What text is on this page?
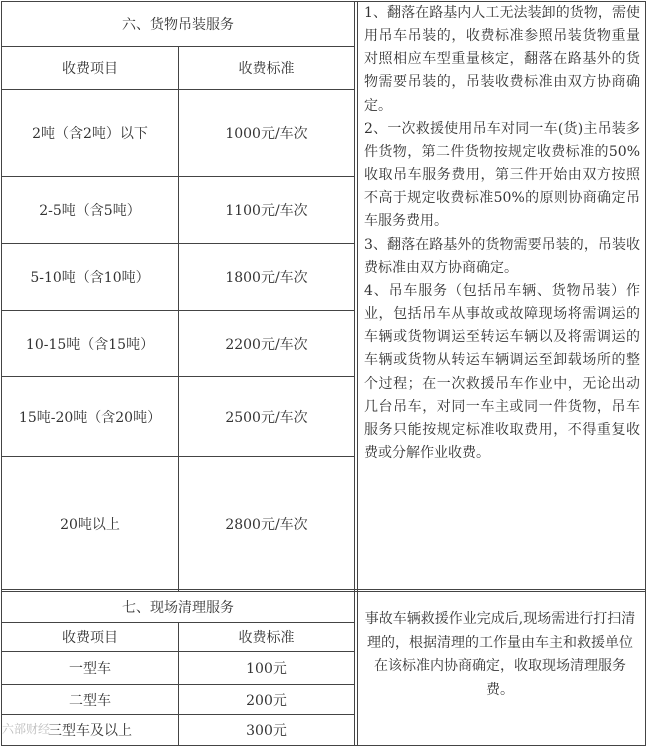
六、货物吊装服务
收费项目	收费标准
2吨（含2吨）以下	1000元/车次
2-5吨（含5吨）	1100元/车次
5-10吨（含10吨）	1800元/车次
10-15吨（含15吨）	2200元/车次
15吨-20吨（含20吨）	2500元/车次
20吨以上	2800元/车次

1、翻落在路基内人工无法装卸的货物，需使用吊车吊装的，收费标准参照吊装货物重量对照相应车型重量核定，翻落在路基外的货物需要吊装的，吊装收费标准由双方协商确定。

2、一次救援使用吊车对同一车(货)主吊装多件货物，第二件货物按规定收费标准的50%收取吊车服务费用，第三件开始由双方按照不高于规定收费标准50%的原则协商确定吊车服务费用。

3、翻落在路基外的货物需要吊装的，吊装收费标准由双方协商确定。

4、吊车服务（包括吊车辆、货物吊装）作业，包括吊车从事故或故障现场将需调运的车辆或货物调运至转运车辆以及将需调运的车辆或货物从转运车辆调运至卸载场所的整个过程；在一次救援吊车作业中，无论出动几台吊车，对同一车主或同一件货物，吊车服务只能按规定标准收取费用，不得重复收费或分解作业收费。

七、现场清理服务
收费项目	收费标准
一型车	100元
二型车	200元
三型车及以上	300元

事故车辆救援作业完成后,现场需进行打扫清理的，根据清理的工作量由车主和救援单位在该标准内协商确定，收取现场清理服务费。

六部财经
